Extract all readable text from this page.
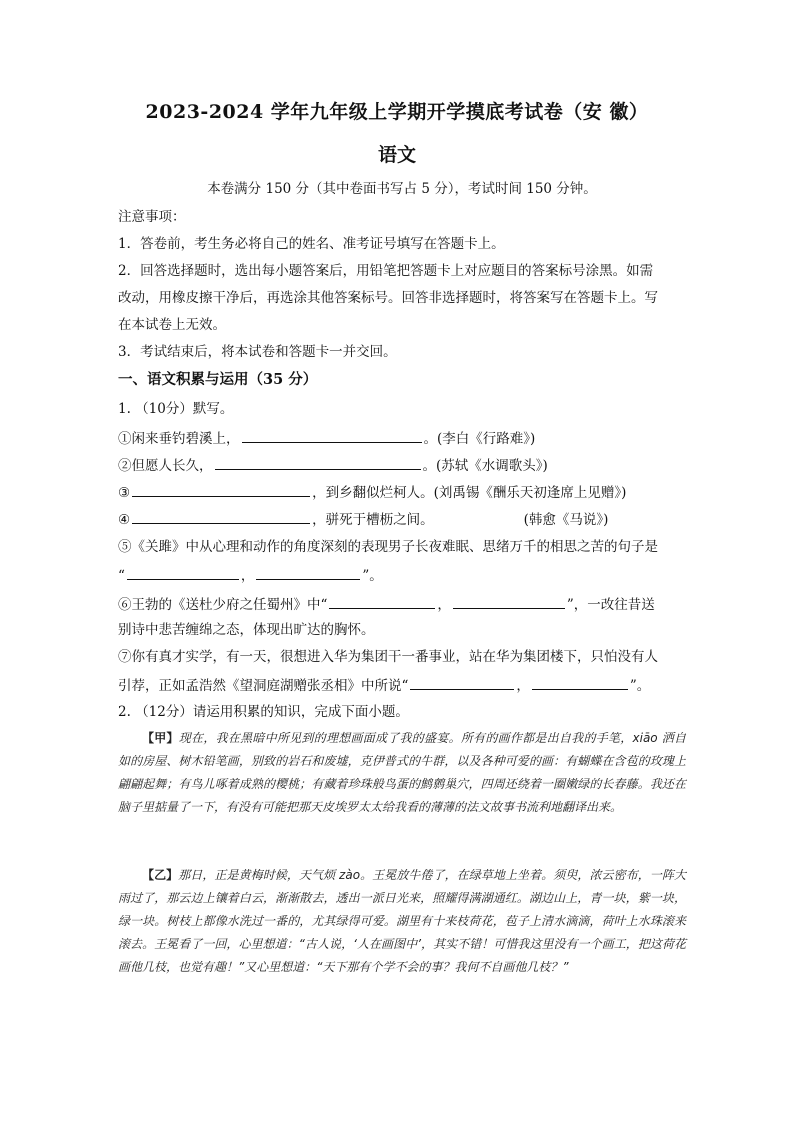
2023-2024 学年九年级上学期开学摸底考试卷（安 徽）
语文
本卷满分 150 分（其中卷面书写占 5 分），考试时间 150 分钟。
注意事项：
1．答卷前，考生务必将自己的姓名、准考证号填写在答题卡上。
2．回答选择题时，选出每小题答案后，用铅笔把答题卡上对应题目的答案标号涂黑。如需
改动，用橡皮擦干净后，再选涂其他答案标号。回答非选择题时，将答案写在答题卡上。写
在本试卷上无效。
3．考试结束后，将本试卷和答题卡一并交回。
一、语文积累与运用（35 分）
1. （10分）默写。
①闲来垂钓碧溪上，	。(李白《行路难》)
②但愿人长久，	。(苏轼《水调歌头》)
③	，到乡翻似烂柯人。(刘禹锡《酬乐天初逢席上见赠》)
④	，骈死于槽枥之间。	(韩愈《马说》)
⑤《关雎》中从心理和动作的角度深刻的表现男子长夜难眠、思绪万千的相思之苦的句子是
“	，	”。
⑥王勃的《送杜少府之任蜀州》中“	，	”，一改往昔送
别诗中悲苦缠绵之态，体现出旷达的胸怀。
⑦你有真才实学，有一天，很想进入华为集团干一番事业，站在华为集团楼下，只怕没有人
引荐，正如孟浩然《望洞庭湖赠张丞相》中所说“	，	”。
2. （12分）请运用积累的知识，完成下面小题。
【甲】现在，我在黑暗中所见到的理想画面成了我的盛宴。所有的画作都是出自我的手笔，xiāo 洒自如的房屋、树木铅笔画，别致的岩石和废墟，克伊普式的牛群，以及各种可爱的画：有蝴蝶在含苞的玫瑰上翩翩起舞；有鸟儿啄着成熟的樱桃；有藏着珍珠般鸟蛋的鹪鹩巢穴，四周还绕着一圈嫩绿的长春藤。我还在脑子里掂量了一下，有没有可能把那天皮埃罗太太给我看的薄薄的法文故事书流利地翻译出来。
【乙】那日，正是黄梅时候，天气烦 zào。王冕放牛倦了，在绿草地上坐着。须臾，浓云密布，一阵大雨过了，那云边上镶着白云，渐渐散去，透出一派日光来，照耀得满湖通红。湖边山上，青一块，紫一块，绿一块。树枝上都像水洗过一番的，尤其绿得可爱。湖里有十来枝荷花，苞子上清水滴滴，荷叶上水珠滚来滚去。王冕看了一回，心里想道：“古人说，‘人在画图中’，其实不错！可惜我这里没有一个画工，把这荷花画他几枝，也觉有趣！”又心里想道：“天下那有个学不会的事？我何不自画他几枝？”
